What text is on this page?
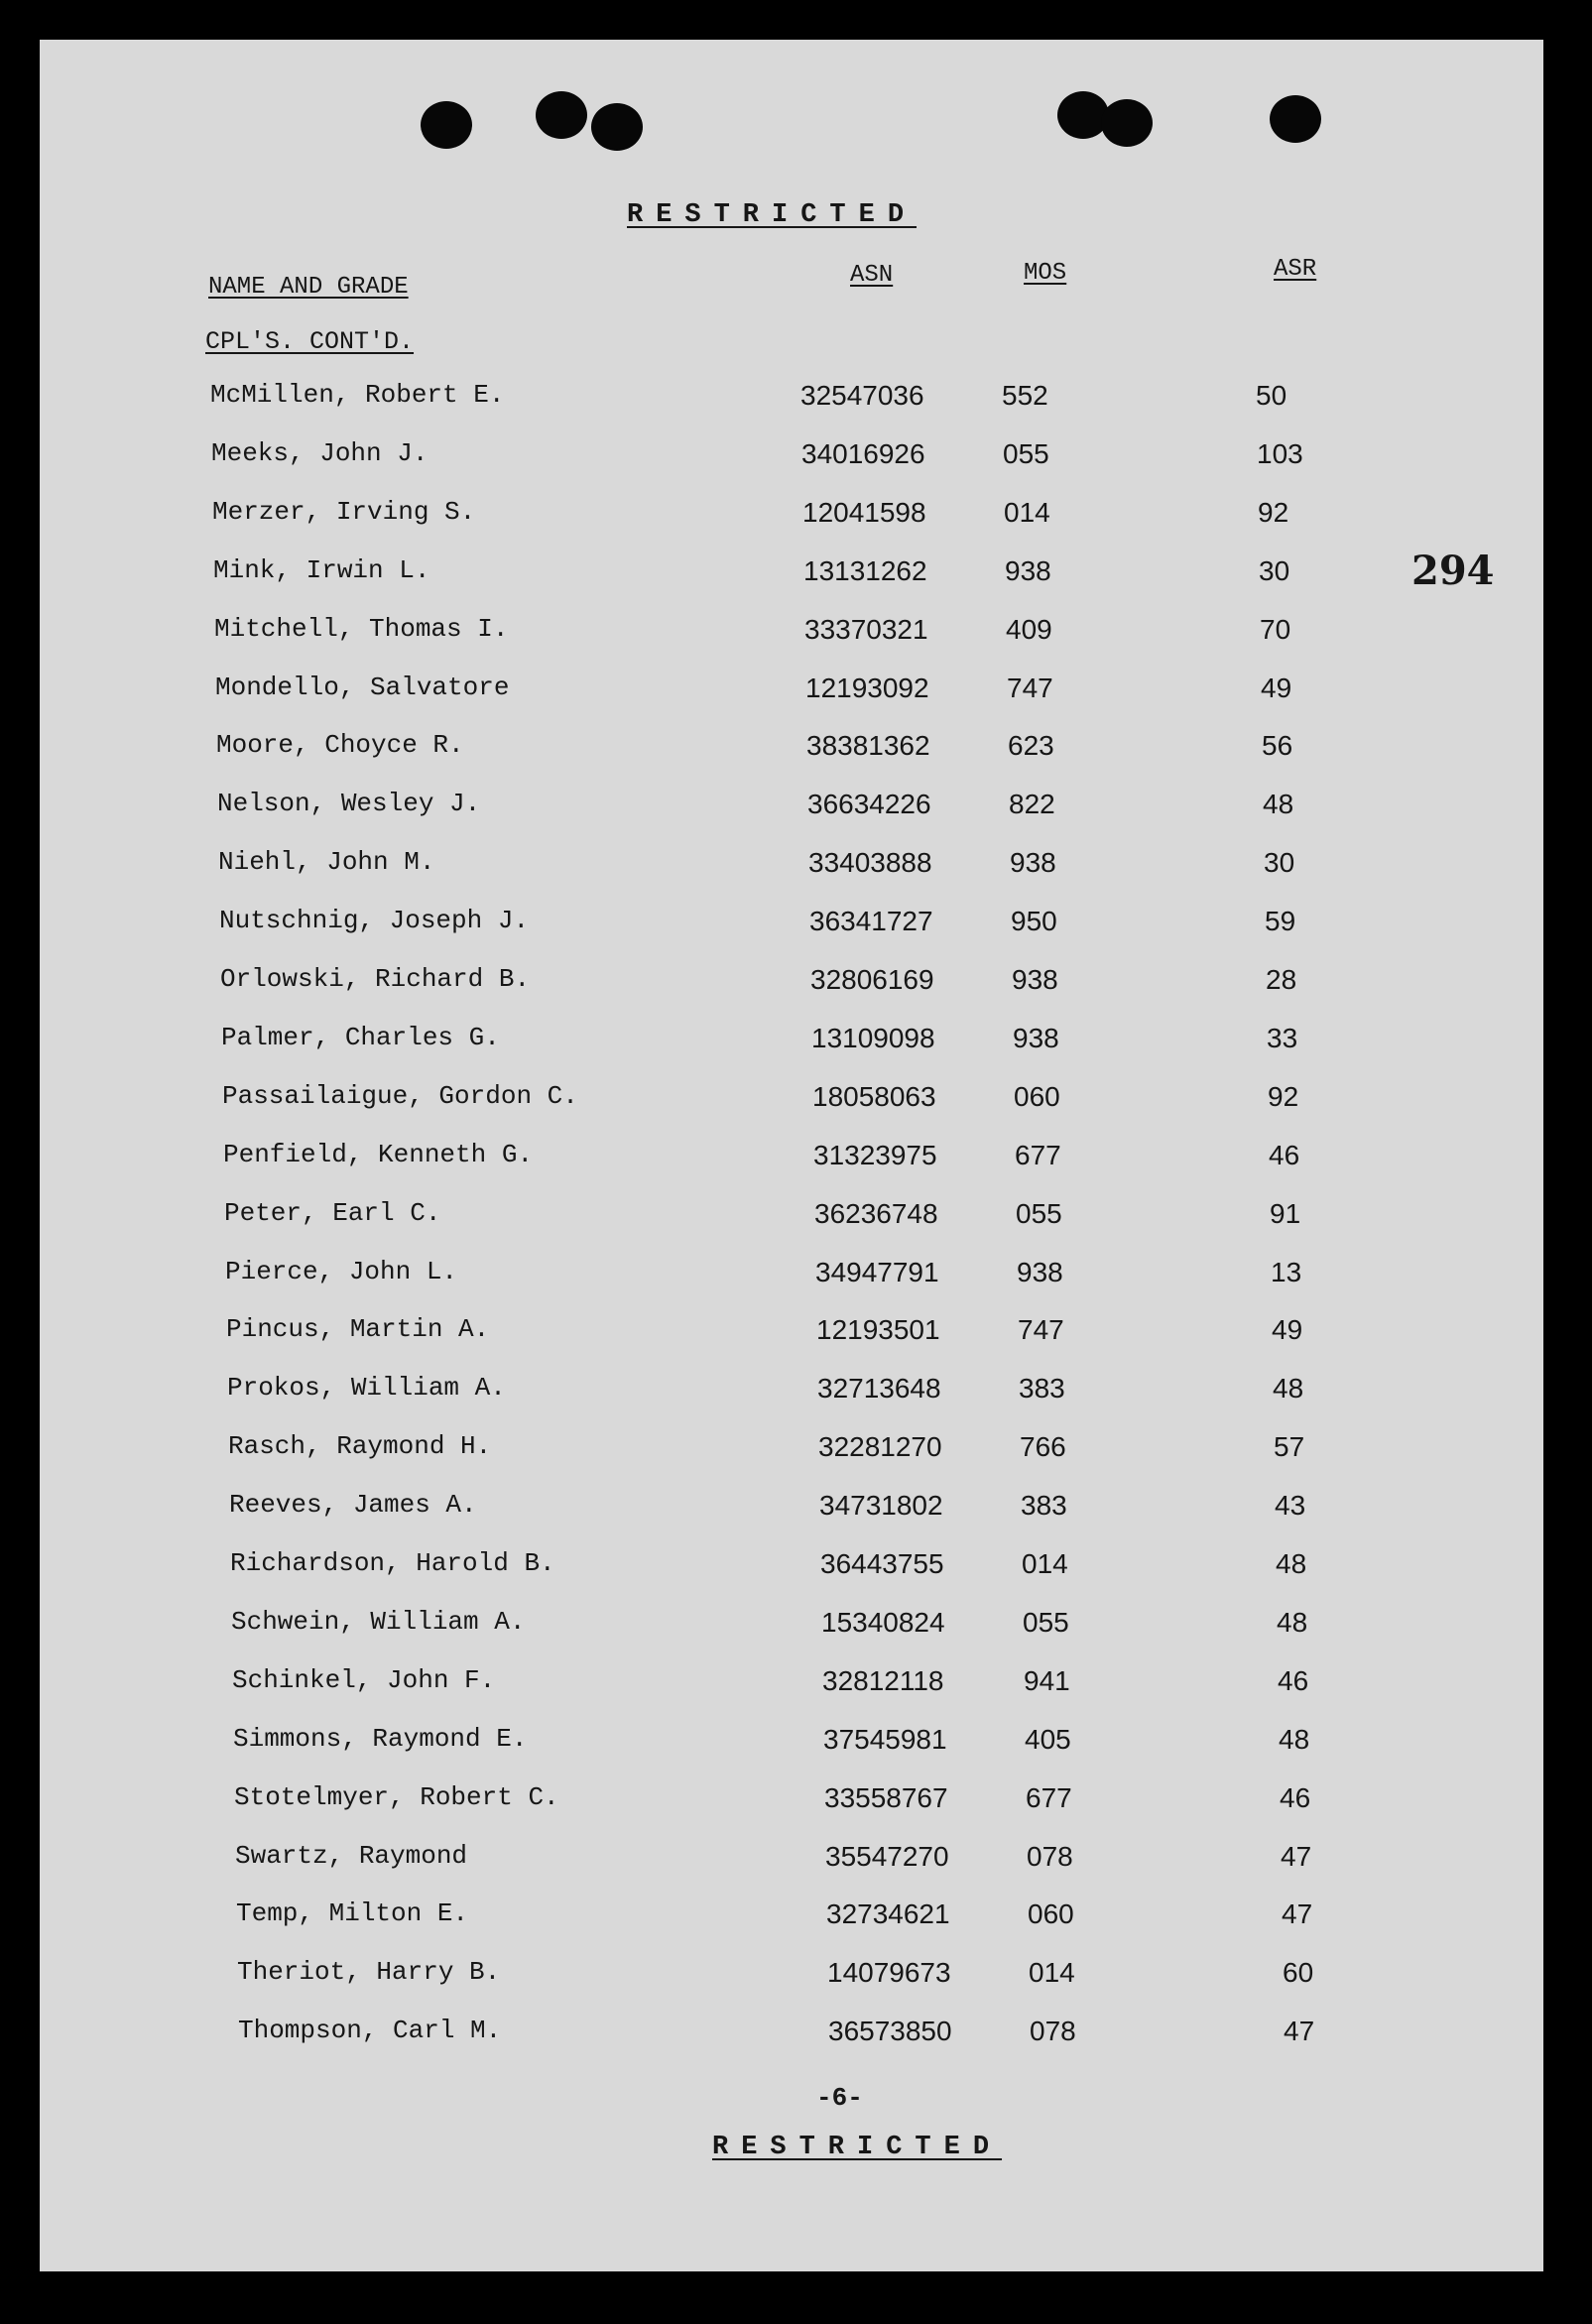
RESTRICTED
NAME AND GRADE	ASN	MOS	ASR
CPL'S. CONT'D.
294
McMillen, Robert E.	32547036	552	50
Meeks, John J.	34016926	055	103
Merzer, Irving S.	12041598	014	92
Mink, Irwin L.	13131262	938	30
Mitchell, Thomas I.	33370321	409	70
Mondello, Salvatore	12193092	747	49
Moore, Choyce R.	38381362	623	56
Nelson, Wesley J.	36634226	822	48
Niehl, John M.	33403888	938	30
Nutschnig, Joseph J.	36341727	950	59
Orlowski, Richard B.	32806169	938	28
Palmer, Charles G.	13109098	938	33
Passailaigue, Gordon C.	18058063	060	92
Penfield, Kenneth G.	31323975	677	46
Peter, Earl C.	36236748	055	91
Pierce, John L.	34947791	938	13
Pincus, Martin A.	12193501	747	49
Prokos, William A.	32713648	383	48
Rasch, Raymond H.	32281270	766	57
Reeves, James A.	34731802	383	43
Richardson, Harold B.	36443755	014	48
Schwein, William A.	15340824	055	48
Schinkel, John F.	32812118	941	46
Simmons, Raymond E.	37545981	405	48
Stotelmyer, Robert C.	33558767	677	46
Swartz, Raymond	35547270	078	47
Temp, Milton E.	32734621	060	47
Theriot, Harry B.	14079673	014	60
Thompson, Carl M.	36573850	078	47
-6-
RESTRICTED
